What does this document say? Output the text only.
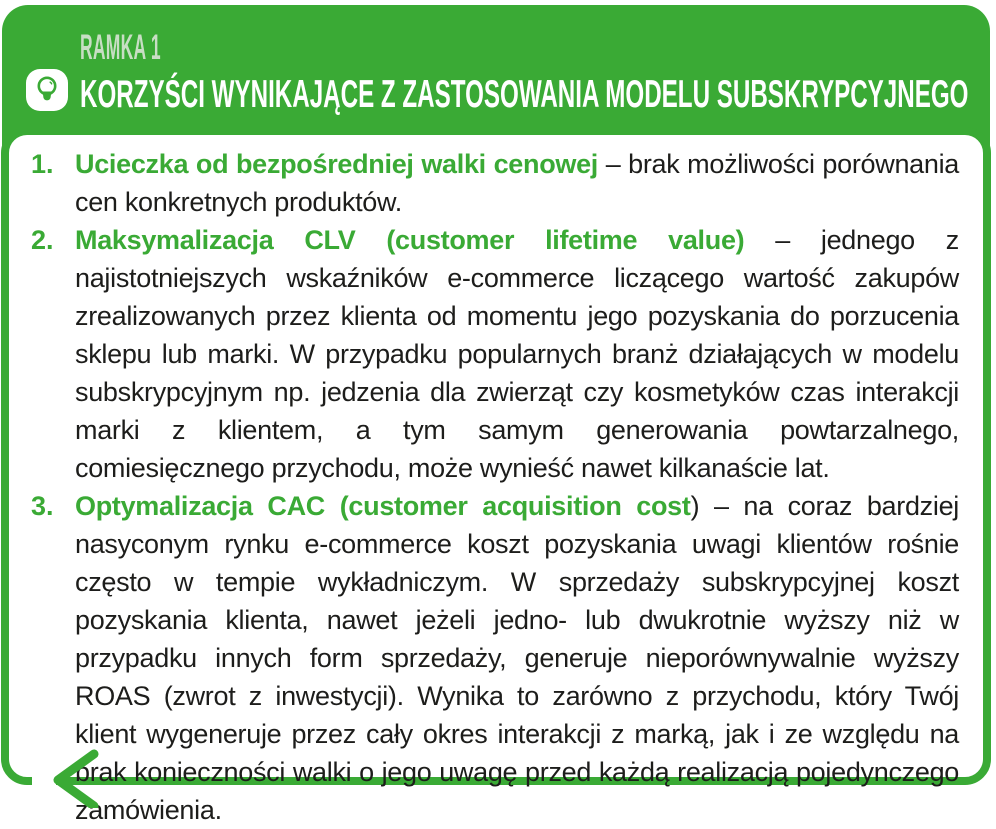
RAMKA 1
KORZYŚCI WYNIKAJĄCE Z ZASTOSOWANIA MODELU SUBSKRYPCYJNEGO
1. Ucieczka od bezpośredniej walki cenowej – brak możliwości porównania cen konkretnych produktów.
2. Maksymalizacja CLV (customer lifetime value) – jednego z najistotniejszych wskaźników e-commerce liczącego wartość zakupów zrealizowanych przez klienta od momentu jego pozyskania do porzucenia sklepu lub marki. W przypadku popularnych branż działających w modelu subskrypcyjnym np. jedzenia dla zwierząt czy kosmetyków czas interakcji marki z klientem, a tym samym generowania powtarzalnego, comiesięcznego przychodu, może wynieść nawet kilkanaście lat.
3. Optymalizacja CAC (customer acquisition cost) – na coraz bardziej nasyconym rynku e-commerce koszt pozyskania uwagi klientów rośnie często w tempie wykładniczym. W sprzedaży subskrypcyjnej koszt pozyskania klienta, nawet jeżeli jedno- lub dwukrotnie wyższy niż w przypadku innych form sprzedaży, generuje nieporównywalnie wyższy ROAS (zwrot z inwestycji). Wynika to zarówno z przychodu, który Twój klient wygeneruje przez cały okres interakcji z marką, jak i ze względu na brak konieczności walki o jego uwagę przed każdą realizacją pojedynczego zamówienia.
